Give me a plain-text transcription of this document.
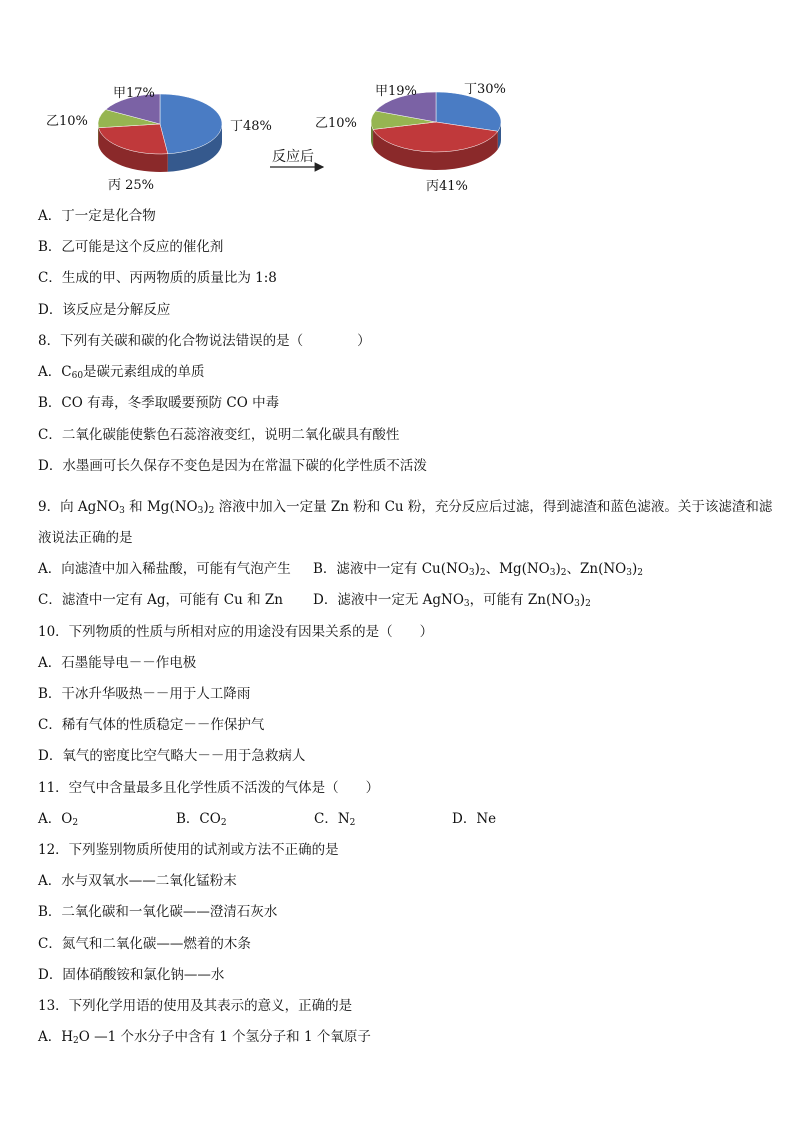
甲17%
乙10%
丙 25%
丁48%
反应后
甲19%
乙10%
丙41%
丁30%
A．丁一定是化合物
B．乙可能是这个反应的催化剂
C．生成的甲、丙两物质的质量比为 1:8
D．该反应是分解反应
8．下列有关碳和碳的化合物说法错误的是（　　　　）
A．$C_{60}$是碳元素组成的单质
B．CO 有毒，冬季取暖要预防 CO 中毒
C．二氧化碳能使紫色石蕊溶液变红，说明二氧化碳具有酸性
D．水墨画可长久保存不变色是因为在常温下碳的化学性质不活泼
9．向 AgNO$_3$ 和 $Mg(NO_3)_2$ 溶液中加入一定量 Zn 粉和 Cu 粉，充分反应后过滤，得到滤渣和蓝色滤液。关于该滤渣和滤
液说法正确的是
A．向滤渣中加入稀盐酸，可能有气泡产生 B．滤液中一定有 $Cu(NO_3)_2$、$Mg(NO_3)_2$、$Zn(NO_3)_2$
C．滤渣中一定有 Ag，可能有 Cu 和 Zn D．滤液中一定无 AgNO$_3$，可能有 $Zn(NO_3)_2$
10．下列物质的性质与所相对应的用途没有因果关系的是（　　）
A．石墨能导电－－作电极
B．干冰升华吸热－－用于人工降雨
C．稀有气体的性质稳定－－作保护气
D．氧气的密度比空气略大－－用于急救病人
11．空气中含量最多且化学性质不活泼的气体是（　　）
A．$O_2$	B．$CO_2$	C．$N_2$	D．Ne
12．下列鉴别物质所使用的试剂或方法不正确的是
A．水与双氧水——二氧化锰粉末
B．二氧化碳和一氧化碳——澄清石灰水
C．氮气和二氧化碳——燃着的木条
D．固体硝酸铵和氯化钠——水
13．下列化学用语的使用及其表示的意义，正确的是
A．$H_2O$ —1 个水分子中含有 1 个氢分子和 1 个氧原子
